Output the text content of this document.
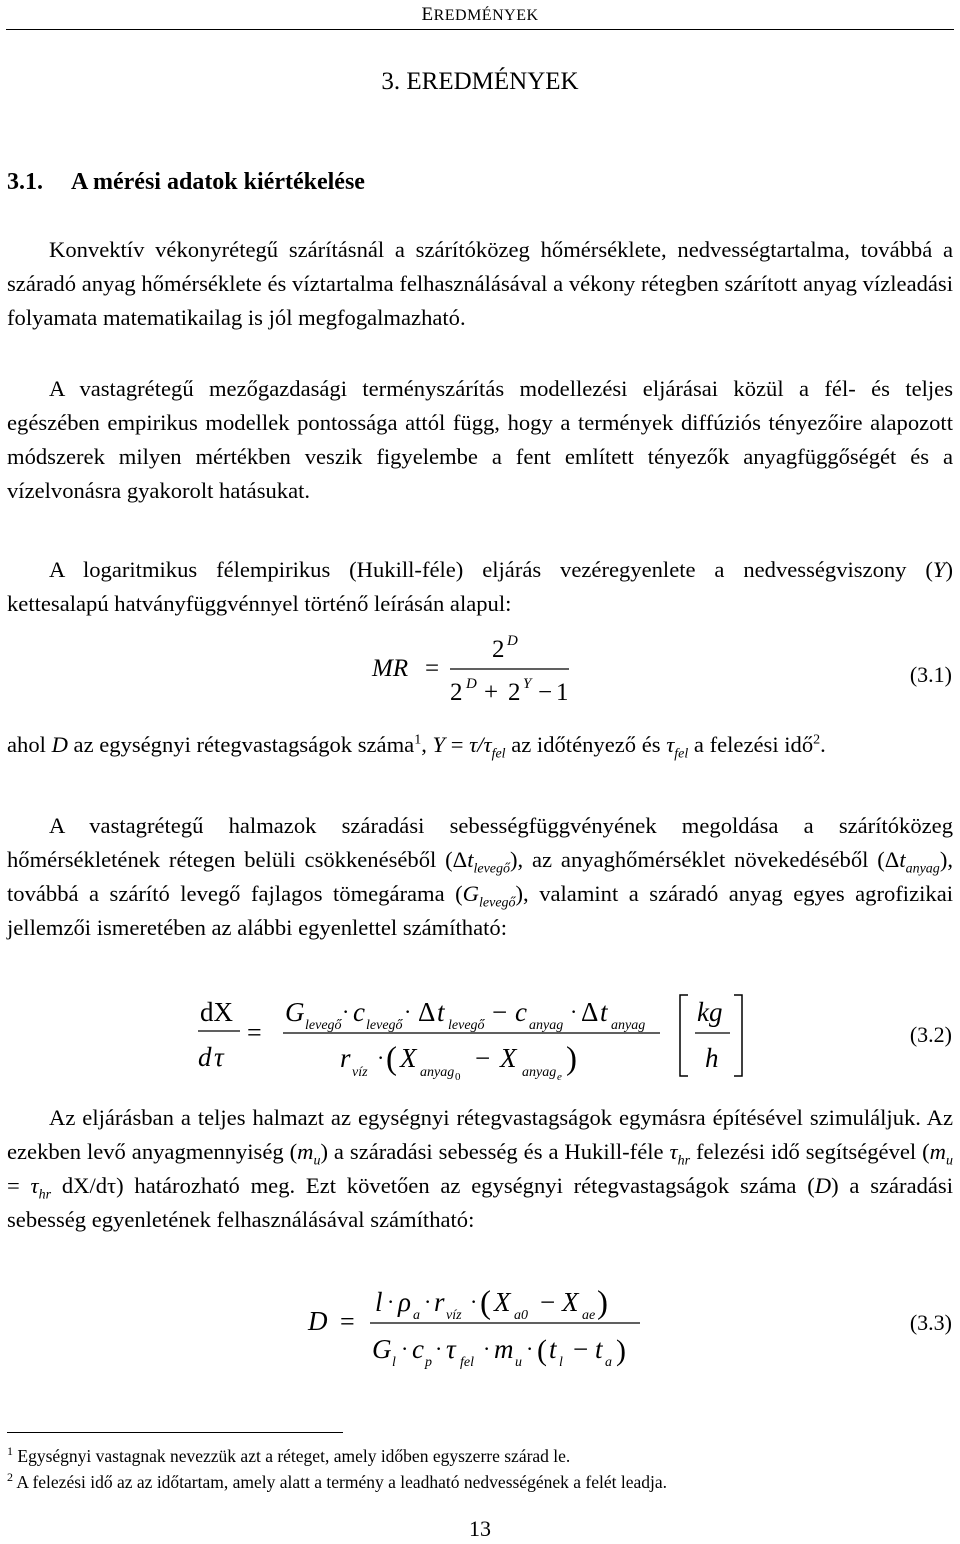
EREDMÉNYEK
3. EREDMÉNYEK
3.1. A mérési adatok kiértékelése

Konvektív vékonyrétegű szárításnál a szárítóközeg hőmérséklete, nedvességtartalma, továbbá a száradó anyag hőmérséklete és víztartalma felhasználásával a vékony rétegben szárított anyag vízleadási folyamata matematikailag is jól megfogalmazható.

A vastagrétegű mezőgazdasági terményszárítás modellezési eljárásai közül a fél- és teljes egészében empirikus modellek pontossága attól függ, hogy a termények diffúziós tényezőire alapozott módszerek milyen mértékben veszik figyelembe a fent említett tényezők anyagfüggőségét és a vízelvonásra gyakorolt hatásukat.

A logaritmikus félempirikus (Hukill-féle) eljárás vezéregyenlete a nedvességviszony (Y) kettesalapú hatványfüggvénnyel történő leírásán alapul:

MR =
2 D
2 D + 2 Y − 1
(3.1)

ahol D az egységnyi rétegvastagságok száma$^1$, $Y = \tau/\tau_{fel}$ az időtényező és $\tau_{fel}$ a felezési idő$^2$.

A vastagrétegű halmazok száradási sebességfüggvényének megoldása a szárítóközeg hőmérsékletének rétegen belüli csökkenéséből $(\Delta t_{levegő})$, az anyaghőmérséklet növekedéséből $(\Delta t_{anyag})$, továbbá a szárító levegő fajlagos tömegárama $(G_{levegő})$, valamint a száradó anyag egyes agrofizikai jellemzői ismeretében az alábbi egyenlettel számítható:

dX
d τ
=
G levegő
· c levegő
· Δ t levegő − c anyag
· Δ t anyag
r víz
· ( X anyag 0
− X anyag e )
kg
h
(3.2)

Az eljárásban a teljes halmazt az egységnyi rétegvastagságok egymásra építésével szimuláljuk. Az ezekben levő anyagmennyiség $(m_u)$ a száradási sebesség és a Hukill-féle $\tau_{hr}$ felezési idő segítségével ($m_u = \tau_{hr}$ dX/dτ) határozható meg. Ezt követően az egységnyi rétegvastagságok száma (D) a száradási sebesség egyenletének felhasználásával számítható:

D =
l · ρ a
· r víz
· ( X a0 − X ae )
G l
· c p
· τ fel
· m u
· ( t l − t a )
(3.3)
$^1$ Egységnyi vastagnak nevezzük azt a réteget, amely időben egyszerre szárad le.
$^2$ A felezési idő az az időtartam, amely alatt a termény a leadható nedvességének a felét leadja.
13
